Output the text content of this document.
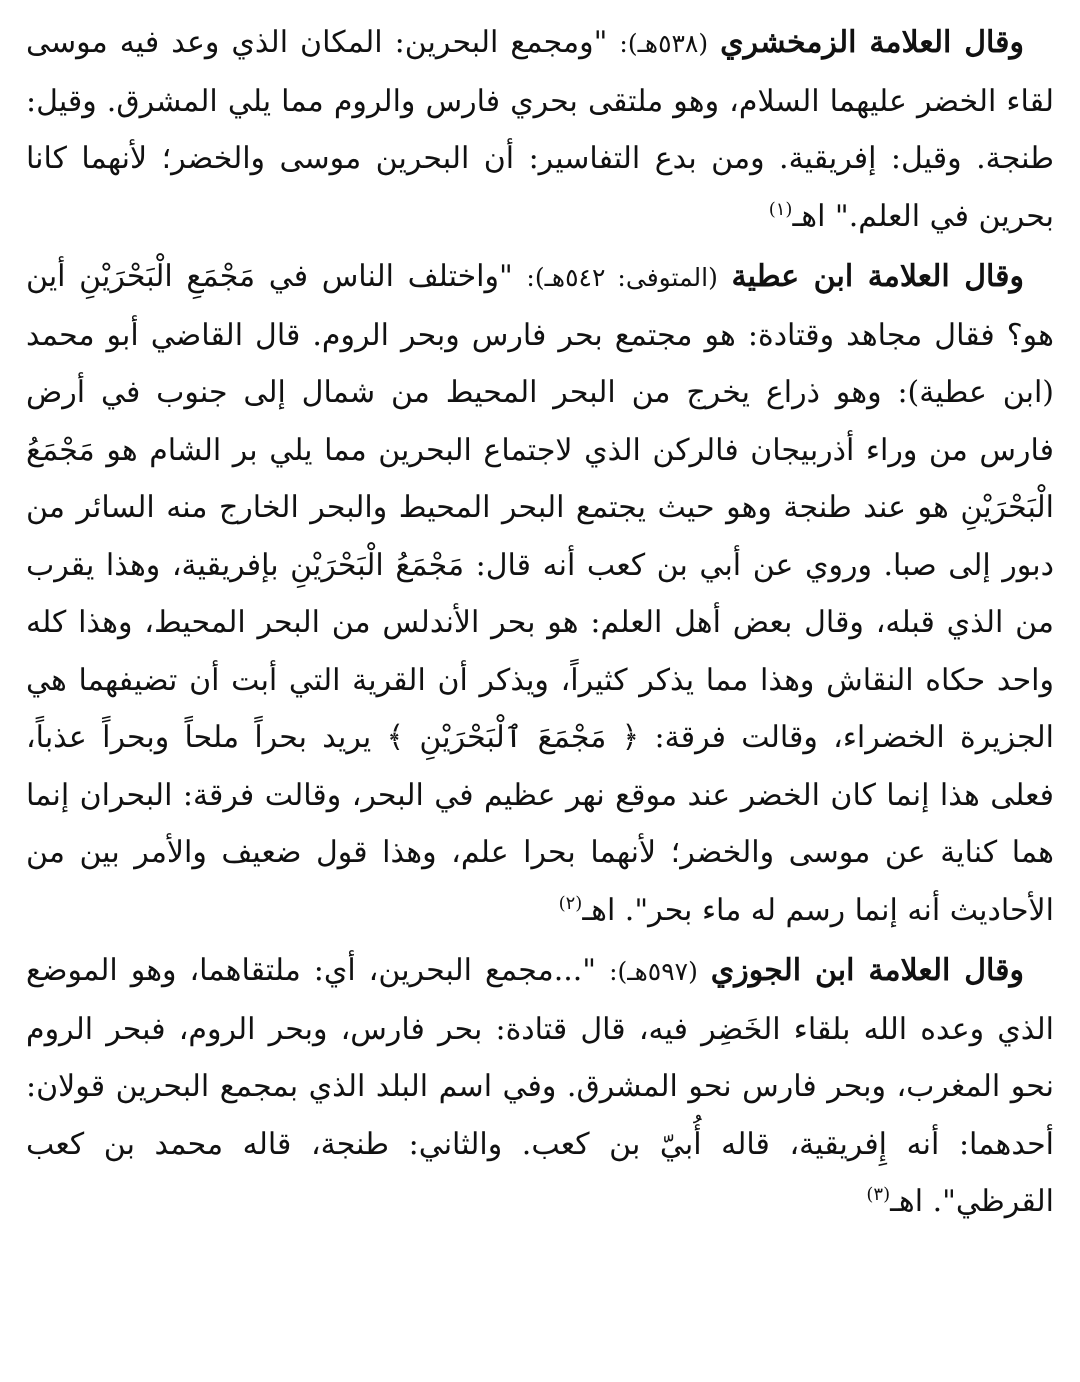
وقال العلامة الزمخشري (٥٣٨هـ): "ومجمع البحرين: المكان الذي وعد فيه موسى لقاء الخضر عليهما السلام، وهو ملتقى بحري فارس والروم مما يلي المشرق. وقيل: طنجة. وقيل: إفريقية. ومن بدع التفاسير: أن البحرين موسى والخضر؛ لأنهما كانا بحرين في العلم." اهـ$^{(١)}$

وقال العلامة ابن عطية (المتوفى: ٥٤٢هـ): "واختلف الناس في مَجْمَعِ الْبَحْرَيْنِ أين هو؟ فقال مجاهد وقتادة: هو مجتمع بحر فارس وبحر الروم. قال القاضي أبو محمد (ابن عطية): وهو ذراع يخرج من البحر المحيط من شمال إلى جنوب في أرض فارس من وراء أذربيجان فالركن الذي لاجتماع البحرين مما يلي بر الشام هو مَجْمَعُ الْبَحْرَيْنِ هو عند طنجة وهو حيث يجتمع البحر المحيط والبحر الخارج منه السائر من دبور إلى صبا. وروي عن أبي بن كعب أنه قال: مَجْمَعُ الْبَحْرَيْنِ بإفريقية، وهذا يقرب من الذي قبله، وقال بعض أهل العلم: هو بحر الأندلس من البحر المحيط، وهذا كله واحد حكاه النقاش وهذا مما يذكر كثيراً، ويذكر أن القرية التي أبت أن تضيفهما هي الجزيرة الخضراء، وقالت فرقة: ﴿ مَجْمَعَ ٱلْبَحْرَيْنِ ﴾ يريد بحراً ملحاً وبحراً عذباً، فعلى هذا إنما كان الخضر عند موقع نهر عظيم في البحر، وقالت فرقة: البحران إنما هما كناية عن موسى والخضر؛ لأنهما بحرا علم، وهذا قول ضعيف والأمر بين من الأحاديث أنه إنما رسم له ماء بحر". اهـ$^{(٢)}$

وقال العلامة ابن الجوزي (٥٩٧هـ): "...مجمع البحرين، أي: ملتقاهما، وهو الموضع الذي وعده الله بلقاء الخَضِر فيه، قال قتادة: بحر فارس، وبحر الروم، فبحر الروم نحو المغرب، وبحر فارس نحو المشرق. وفي اسم البلد الذي بمجمع البحرين قولان: أحدهما: أنه إِفريقية، قاله أُبيّ بن كعب. والثاني: طنجة، قاله محمد بن كعب القرظي". اهـ$^{(٣)}$
